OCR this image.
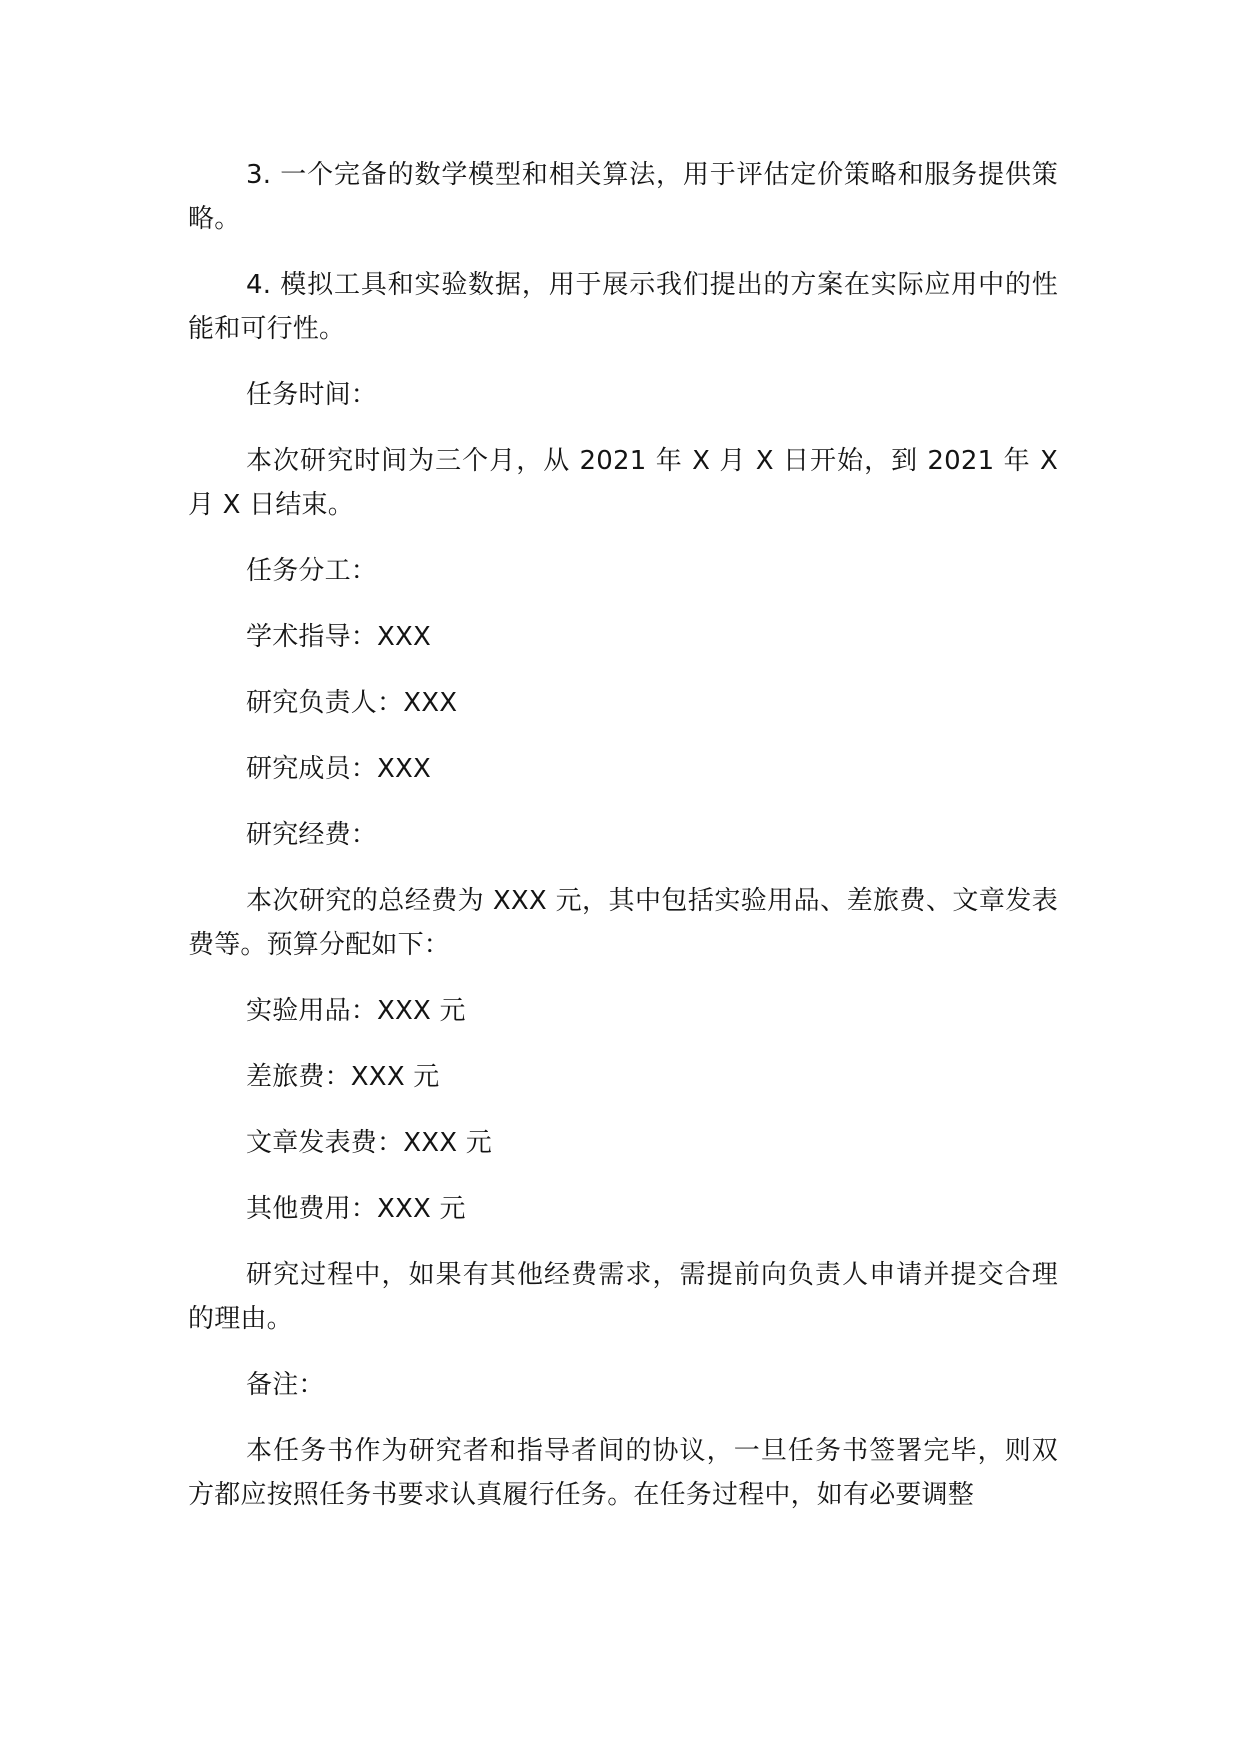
3. 一个完备的数学模型和相关算法，用于评估定价策略和服务提供策略。

4. 模拟工具和实验数据，用于展示我们提出的方案在实际应用中的性能和可行性。

任务时间：

本次研究时间为三个月，从 2021 年 X 月 X 日开始，到 2021 年 X 月 X 日结束。

任务分工：

学术指导：XXX

研究负责人：XXX

研究成员：XXX

研究经费：

本次研究的总经费为 XXX 元，其中包括实验用品、差旅费、文章发表费等。预算分配如下：

实验用品：XXX 元

差旅费：XXX 元

文章发表费：XXX 元

其他费用：XXX 元

研究过程中，如果有其他经费需求，需提前向负责人申请并提交合理的理由。

备注：

本任务书作为研究者和指导者间的协议，一旦任务书签署完毕，则双方都应按照任务书要求认真履行任务。在任务过程中，如有必要调整
